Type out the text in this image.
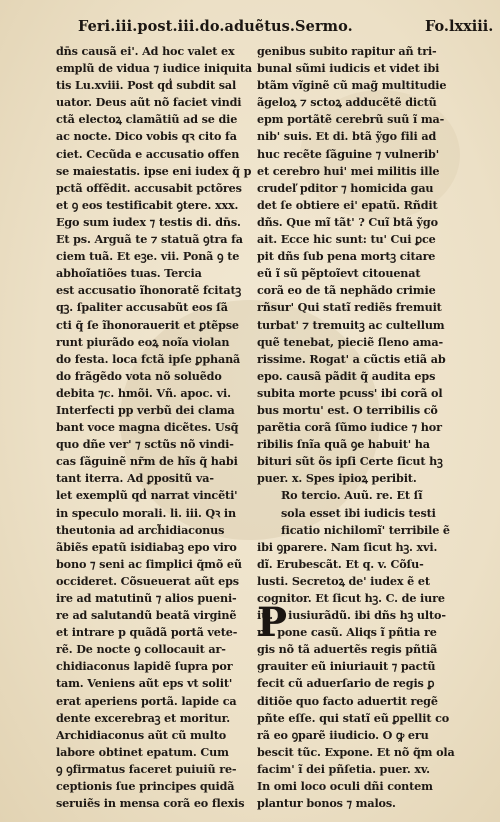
Feri.iii.post.iii.do.aduẽtus.Sermo.	Fo.lxxiii.
dn̄s causã ei'. Ad hoc valet ex
emplũ de vidua ⁊ iudice iniquita
tis Lu.xviii. Post qḋ subdit sal
uator. Deus aũt nõ faciet vindi
ctã electoꝝ clamãtiũ ad se die
ac nocte. Dico vobis qꝛ cito fa
ciet. Cecũda e accusatio offen
se maiestatis. ipse eni iudex q̃ p
pctã offẽdit. accusabit pctõres
et ꝯ eos testificabit ꝯtere. xxx.
Ego sum iudex ⁊ testis di. dn̄s.
Et ps. Arguã te ⁊ statuã ꝯtra fa
ciem tuã. Et eꝫe. vii. Ponã ꝯ te
abhoĩatiões tuas. Tercia
est accusatio ĩhonoratẽ fcitatꝫ
qꝫ. ſpaliter accusabũt eos ſã
cti q̃ ſe ĩhonorauerit et ꝑtẽpse
runt piurãdo eoꝝ noĩa violan
do festa. loca fctã ipſe ꝑphanã
do frãgẽdo vota nõ soluẽdo
debita ⁊c. hmõi. Vñ. apoc. vi.
Interfecti pp verbũ dei clama
bant voce magna dicẽtes. Usq̃
quo dñe ver' ⁊ sctũs nõ vindi-
cas ſãguinẽ nr̃m de hĩs q̃ habi
tant iterra. Ad ꝑpositũ va-
let exemplũ qḋ narrat vincẽti'
in speculo morali. li. iii. Qꝛ in
theutonia ad arch̃idiaconus
ãbiẽs epatũ isidiabaꝫ epo viro
bono ⁊ seni ac ſimplici q̃mõ eũ
occideret. Cõsueuerat aũt eps
ire ad matutinũ ⁊ alios pueni-
re ad salutandũ beatã virginẽ
et intrare p quãdã portã vete-
rẽ. De nocte ꝯ collocauit ar-
chidiaconus lapidẽ ſupra por
tam. Veniens aũt eps vt solit'
erat aperiens portã. lapide ca
dente excerebraꝫ et moritur.
Archidiaconus aũt cũ multo
labore obtinet epatum. Cum
ꝯ ꝯfirmatus faceret puiuiũ re-
ceptionis ſue principes quidã
seruiẽs in mensa corã eo flexis
genibus subito rapitur añ tri-
bunal sũmi iudicis et videt ibi
btãm vĩginẽ cũ mag̃ multitudie
ãgeloꝝ ⁊ sctoꝝ adducẽtẽ dictũ
epm portãtẽ cerebrũ suũ ĩ ma-
nib' suis. Et di. btã ỹgo fili ad
huc recẽte ſãguine ⁊ vulnerib'
et cerebro hui' mei militis ille
crudeľ pditor ⁊ homicida gau
det ſe obtiere ei' epatũ. Rñdit
dñs. Que mĩ tãt' ? Cuĩ btã ỹgo
ait. Ecce hic sunt: tu' Cui ꝑce
pit dñs ſub pena mortꝫ citare
eũ ĩ sũ pẽptoĩevt citouenat
corã eo de tã nephãdo crimie
rñsur' Qui statĩ rediẽs fremuit
turbat' ⁊ tremuitꝫ ac cultellum
quẽ tenebat, pieciẽ ſleno ama-
rissime. Rogat' a cũctis etiã ab
epo. causã pãdit q̃ audita eps
subita morte pcuss' ibi corã ol
bus mortu' est. O terribilis cõ
parẽtia corã ſũmo iudice ⁊ hor
ribilis ſnĩa quã ꝯe habuit' ha
bituri sũt õs ipſi Certe ſicut hꝫ
puer. x. Spes ipioꝝ peribit.
Ro tercio. Auũ. re. Et ſĩ
sola esset ibi iudicis testi
ficatio nichilomĩ' terribile ẽ
ibi ꝯparere. Nam ſicut hꝫ. xvi.
dĩ. Erubescãt. Et q. v. Cõſu-
lusti. Secretoꝝ de' iudex ẽ et
cognitor. Et ſicut hꝫ. C. de iure
iu. l. iusiurãdũ. ibi dñs hꝫ ulto-
rẽ. pone casũ. Aliqs ĩ pñtia re
gis nõ tã aduertẽs regis pñtiã
grauiter eũ iniuriauit ⁊ pactũ
fecit cũ aduerſario de regis ꝑ
ditiõe quo facto aduertit regẽ
pñte eſſe. qui statĩ eũ ꝑpellit co
rã eo ꝯparẽ iiudicio. O ꝙ eru
bescit tũc. Expone. Et nõ q̃m ola
facim' ĩ dei pñſetia. puer. xv.
In omi loco oculi dñi contem
plantur bonos ⁊ malos.
P
